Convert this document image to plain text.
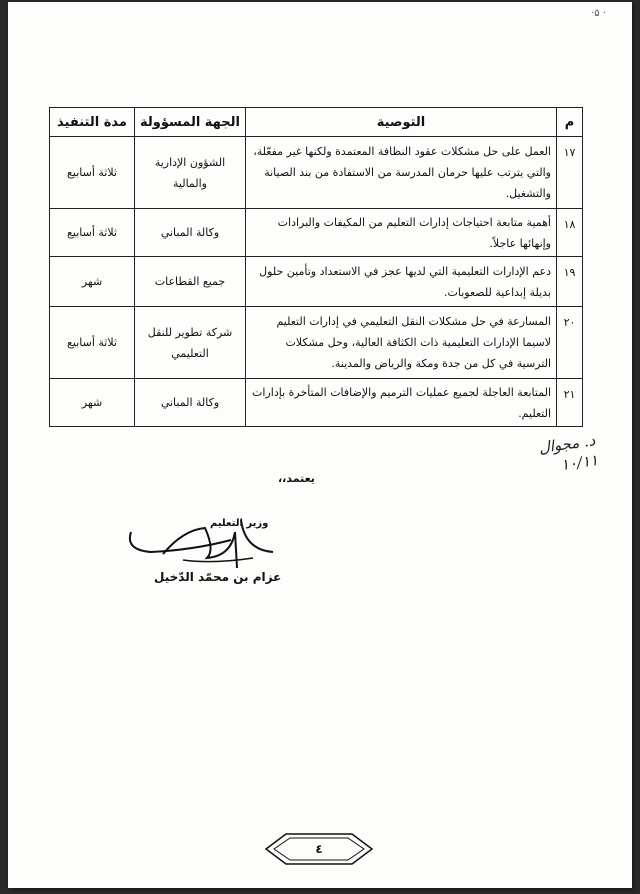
·۵ ·
م	التوصية	الجهة المسؤولة	مدة التنفيذ
١٧	العمل على حل مشكلات عقود النظافة المعتمدة ولكنها غير مفعّلة، والتي يترتب عليها حرمان المدرسة من الاستفادة من بند الصيانة والتشغيل.	الشؤون الإدارية والمالية	ثلاثة أسابيع
١٨	أهمية متابعة احتياجات إدارات التعليم من المكيفات والبرادات وإنهائها عاجلاً.	وكالة المباني	ثلاثة أسابيع
١٩	دعم الإدارات التعليمية التي لديها عجز في الاستعداد وتأمين حلول بديلة إبداعية للصعوبات.	جميع القطاعات	شهر
٢٠	المسارعة في حل مشكلات النقل التعليمي في إدارات التعليم لاسيما الإدارات التعليمية ذات الكثافة العالية، وحل مشكلات الترسية في كل من جدة ومكة والرياض والمدينة.	شركة تطوير للنقل التعليمي	ثلاثة أسابيع
٢١	المتابعة العاجلة لجميع عمليات الترميم والإضافات المتأخرة بإدارات التعليم.	وكالة المباني	شهر
د. مجوال
١٠/١١
يعتمد،،
وزير التعليم
عزام بن محمّد الدّخيل
٤
